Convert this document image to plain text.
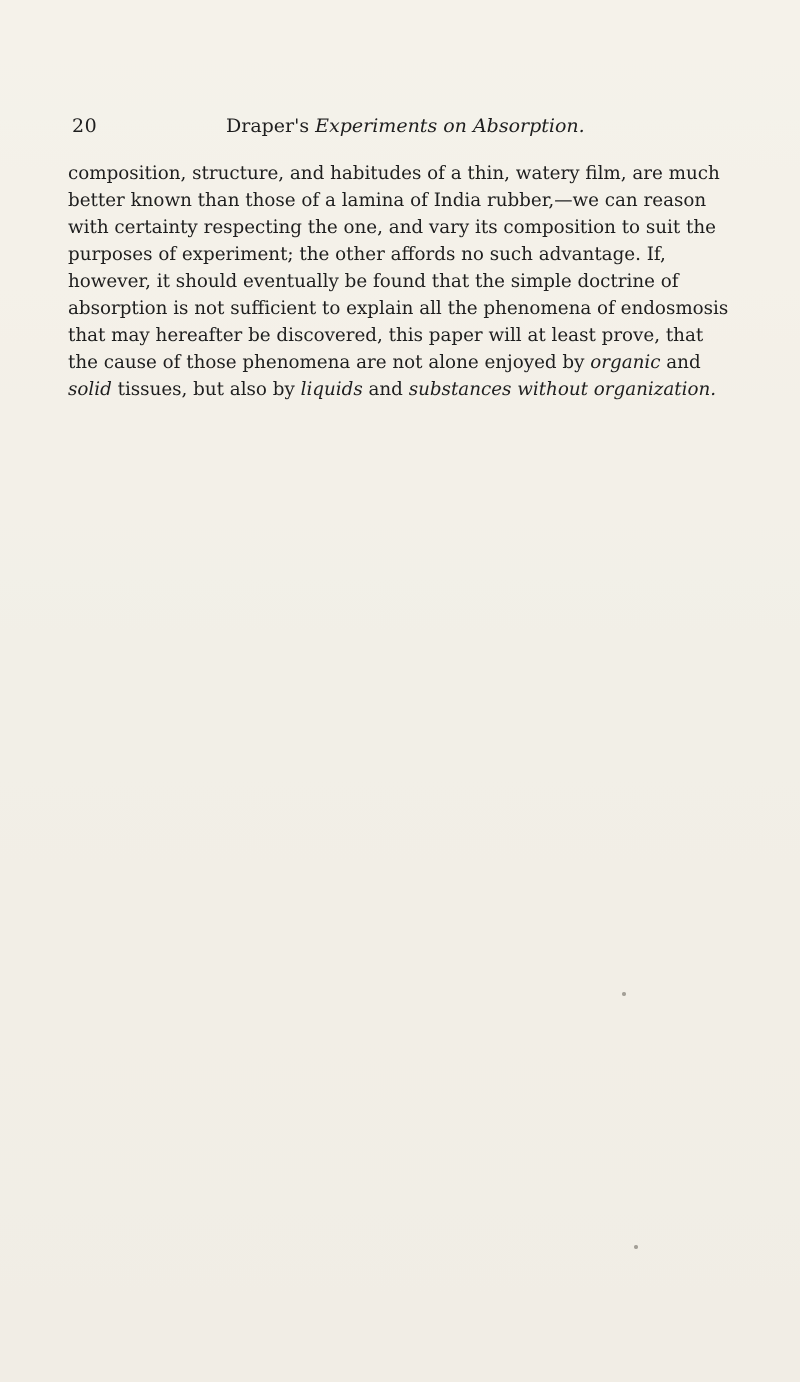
20	Draper's Experiments on Absorption.
composition, structure, and habitudes of a thin, watery film, are much
better known than those of a lamina of India rubber,—we can reason
with certainty respecting the one, and vary its composition to suit the
purposes of experiment; the other affords no such advantage. If,
however, it should eventually be found that the simple doctrine of
absorption is not sufficient to explain all the phenomena of endosmosis
that may hereafter be discovered, this paper will at least prove, that
the cause of those phenomena are not alone enjoyed by organic and
solid tissues, but also by liquids and substances without organization.
